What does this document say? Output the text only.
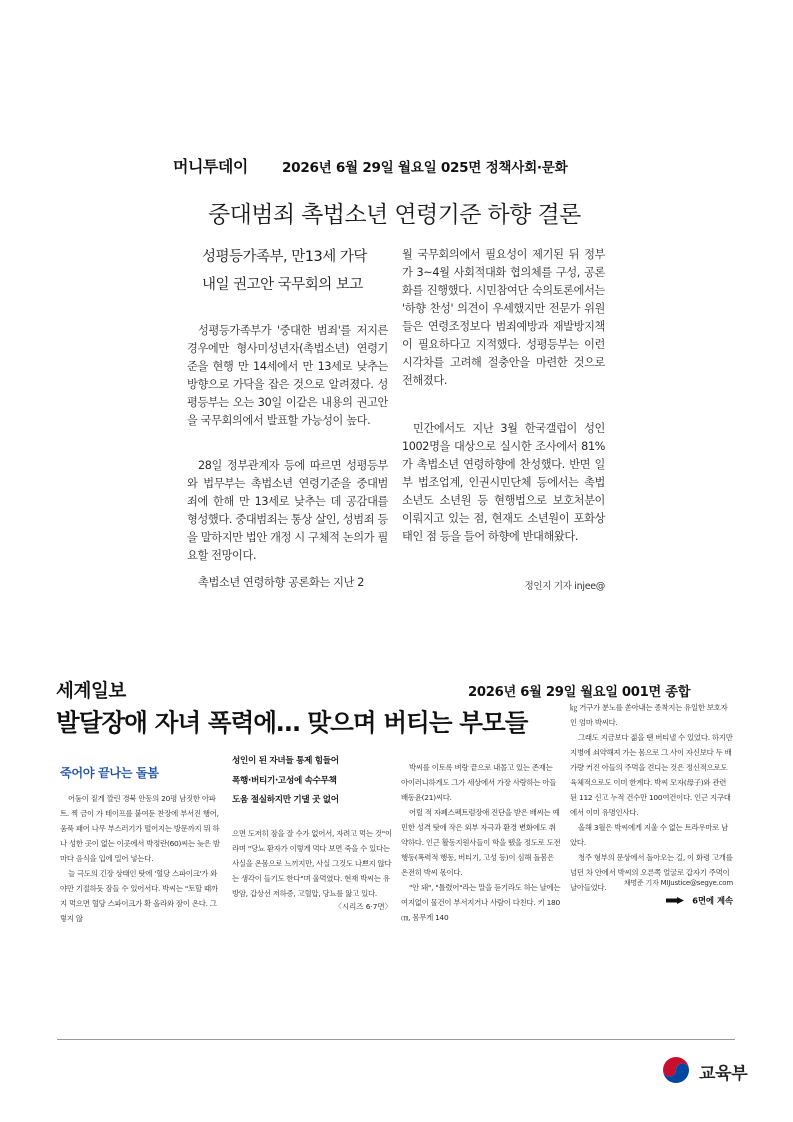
머니투데이	2026년 6월 29일 월요일 025면 정책사회·문화
중대범죄 촉법소년 연령기준 하향 결론
성평등가족부, 만13세 가닥
내일 권고안 국무회의 보고
성평등가족부가 '중대한 범죄'를 저지른 경우에만 형사미성년자(촉법소년) 연령기준을 현행 만 14세에서 만 13세로 낮추는 방향으로 가닥을 잡은 것으로 알려졌다. 성평등부는 오는 30일 이같은 내용의 권고안을 국무회의에서 발표할 가능성이 높다.
28일 정부관계자 등에 따르면 성평등부와 법무부는 촉법소년 연령기준을 중대범죄에 한해 만 13세로 낮추는 데 공감대를 형성했다. 중대범죄는 통상 살인, 성범죄 등을 말하지만 법안 개정 시 구체적 논의가 필요할 전망이다.
촉법소년 연령하향 공론화는 지난 2
월 국무회의에서 필요성이 제기된 뒤 정부가 3~4월 사회적대화 협의체를 구성, 공론화를 진행했다. 시민참여단 숙의토론에서는 '하향 찬성' 의견이 우세했지만 전문가 위원들은 연령조정보다 범죄예방과 재발방지책이 필요하다고 지적했다. 성평등부는 이런 시각차를 고려해 절충안을 마련한 것으로 전해졌다.
민간에서도 지난 3월 한국갤럽이 성인 1002명을 대상으로 실시한 조사에서 81%가 촉법소년 연령하향에 찬성했다. 반면 일부 법조업계, 인권시민단체 등에서는 촉법소년도 소년원 등 현행법으로 보호처분이 이뤄지고 있는 점, 현재도 소년원이 포화상태인 점 등을 들어 하향에 반대해왔다.
정인지 기자 injee@
세계일보	2026년 6월 29일 월요일 001면 종합
발달장애 자녀 폭력에… 맞으며 버티는 부모들
죽어야 끝나는 돌봄
성인이 된 자녀들 통제 힘들어
폭행·버티기·고성에 속수무책
도움 절실하지만 기댈 곳 없어
어둠이 짙게 깔린 경북 안동의 20평 남짓한 아파트. 찍 금이 가 테이프를 붙여둔 찬장에 부서진 행어, 움푹 패어 나무 부스러기가 떨어지는 방문까지 뭐 하나 성한 곳이 없는 이곳에서 박정란(60)씨는 늦은 밤마다 음식을 입에 밀어 넣는다.
늘 극도의 긴장 상태인 탓에 '혈당 스파이크'가 와야만 기절하듯 잠들 수 있어서다. 박씨는 "토할 때까지 먹으면 혈당 스파이크가 확 올라와 잠이 온다. 그렇지 않
으면 도저히 잠을 잘 수가 없어서, 자려고 먹는 것"이라며 "당뇨 환자가 이렇게 먹다 보면 죽을 수 있다는 사실을 온몸으로 느끼지만, 사실 그것도 나쁘지 않다는 생각이 들기도 한다"며 울먹였다. 현재 박씨는 유방암, 갑상선 저하증, 고혈압, 당뇨를 앓고 있다.
〈시리즈 6·7면〉
박씨를 이토록 벼랑 끝으로 내몰고 있는 존재는 아이러니하게도 그가 세상에서 가장 사랑하는 아들 배동윤(21)씨다.
어릴 적 자폐스펙트럼장애 진단을 받은 배씨는 예민한 성격 탓에 작은 외부 자극과 환경 변화에도 취약하다. 인근 활동지원사들이 학을 뗐을 정도로 도전 행동(폭력적 행동, 버티기, 고성 등)이 심해 돌봄은 온전히 박씨 몫이다.
"안 돼", "틀렸어"라는 말을 듣기라도 하는 날에는 여지없이 물건이 부서지거나 사람이 다친다. 키 180㎝, 몸무게 140
㎏ 거구가 분노를 쏟아내는 종착지는 유일한 보호자인 엄마 박씨다.
그래도 지금보다 젊을 땐 버티낼 수 있었다. 하지만 지병에 쇠약해져 가는 몸으로 그 사이 자신보다 두 배가량 커진 아들의 주먹을 견디는 것은 정신적으로도 육체적으로도 이미 한계다. 박씨 모자(母子)와 관련된 112 신고 누적 건수만 100여건이다. 인근 지구대에서 이미 유명인사다.
올해 3월은 박씨에게 지울 수 없는 트라우마로 남았다.
청주 형부의 문상에서 돌아오는 길, 이 화령 고개를 넘던 차 안에서 박씨의 오른쪽 얼굴로 갑자기 주먹이 날아들었다.	채명준 기자 MIJustice@segye.com
6면에 계속
교육부
